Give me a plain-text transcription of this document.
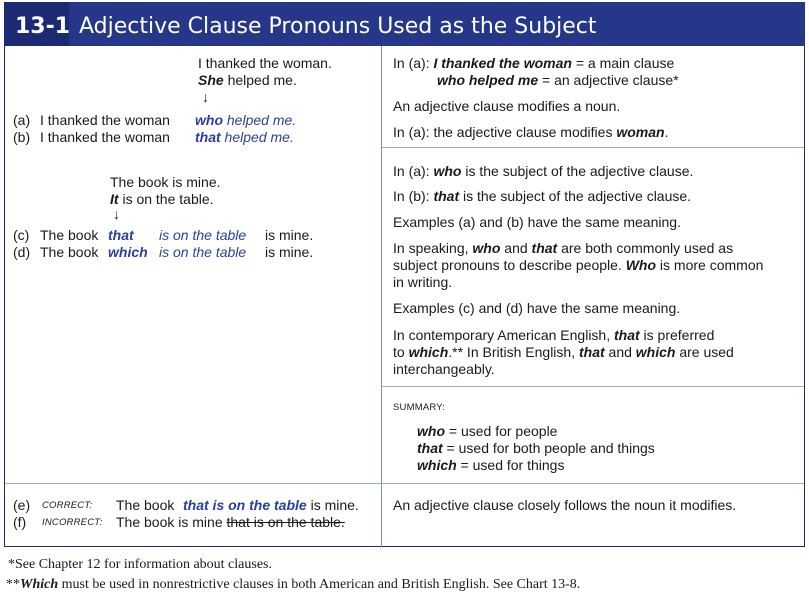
13-1 Adjective Clause Pronouns Used as the Subject
I thanked the woman.
She helped me.
↓
(a) I thanked the woman who helped me.
(b) I thanked the woman that helped me.
The book is mine.
It is on the table.
↓
(c) The book that is on the table is mine.
(d) The book which is on the table is mine.
(e) CORRECT: The book that is on the table is mine.
(f) INCORRECT: The book is mine that is on the table.
In (a): I thanked the woman = a main clause
who helped me = an adjective clause*
An adjective clause modifies a noun.
In (a): the adjective clause modifies woman.
In (a): who is the subject of the adjective clause.
In (b): that is the subject of the adjective clause.
Examples (a) and (b) have the same meaning.
In speaking, who and that are both commonly used as
subject pronouns to describe people. Who is more common
in writing.
Examples (c) and (d) have the same meaning.
In contemporary American English, that is preferred
to which.** In British English, that and which are used
interchangeably.
SUMMARY:
who = used for people
that = used for both people and things
which = used for things
An adjective clause closely follows the noun it modifies.
*See Chapter 12 for information about clauses.
**Which must be used in nonrestrictive clauses in both American and British English. See Chart 13-8.
